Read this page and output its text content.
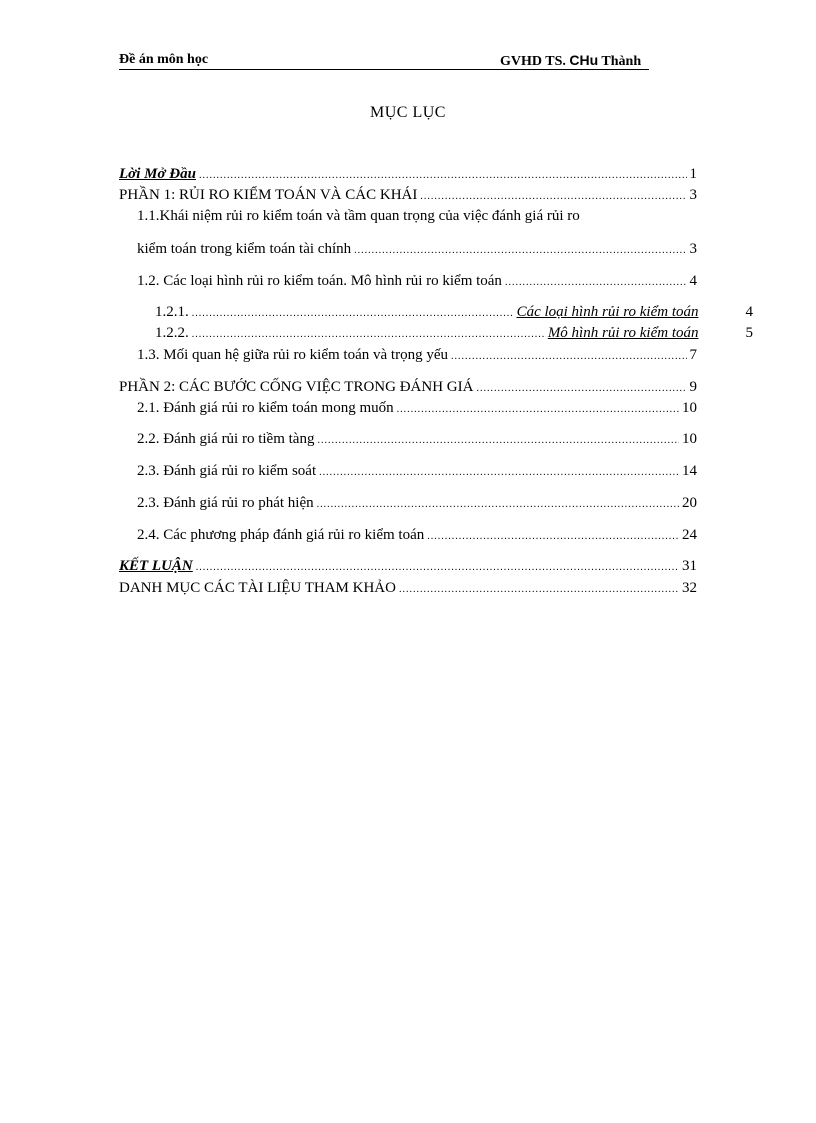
Đề án môn học	GVHD TS. CHu Thành
MỤC LỤC
Lời Mở Đầu .....	1
PHẦN 1: RỦI RO KIỂM TOÁN VÀ CÁC KHÁI .....	3
1.1.Khái niệm rủi ro kiểm toán và tầm quan trọng của việc đánh giá rủi ro
kiểm toán trong kiểm toán tài chính .....	3
1.2. Các loại hình rủi ro kiểm toán. Mô hình rủi ro kiểm toán .....	4
1.2.1. .....	Các loại hình rủi ro kiểm toán	4
1.2.2. .....	Mô hình rủi ro kiểm toán	5
1.3. Mối quan hệ giữa rủi ro kiểm toán và trọng yếu .....	7
PHẦN 2: CÁC BƯỚC CỐNG VIỆC TRONG ĐÁNH GIÁ .....	9
2.1. Đánh giá rủi ro kiểm toán mong muốn .....	10
2.2. Đánh giá rủi ro tiềm tàng .....	10
2.3. Đánh giá rủi ro kiểm soát .....	14
2.3. Đánh giá rủi ro phát hiện .....	20
2.4. Các phương pháp đánh giá rủi ro kiểm toán .....	24
KẾT LUẬN .....	31
DANH MỤC CÁC TÀI LIỆU THAM KHẢO .....	32
